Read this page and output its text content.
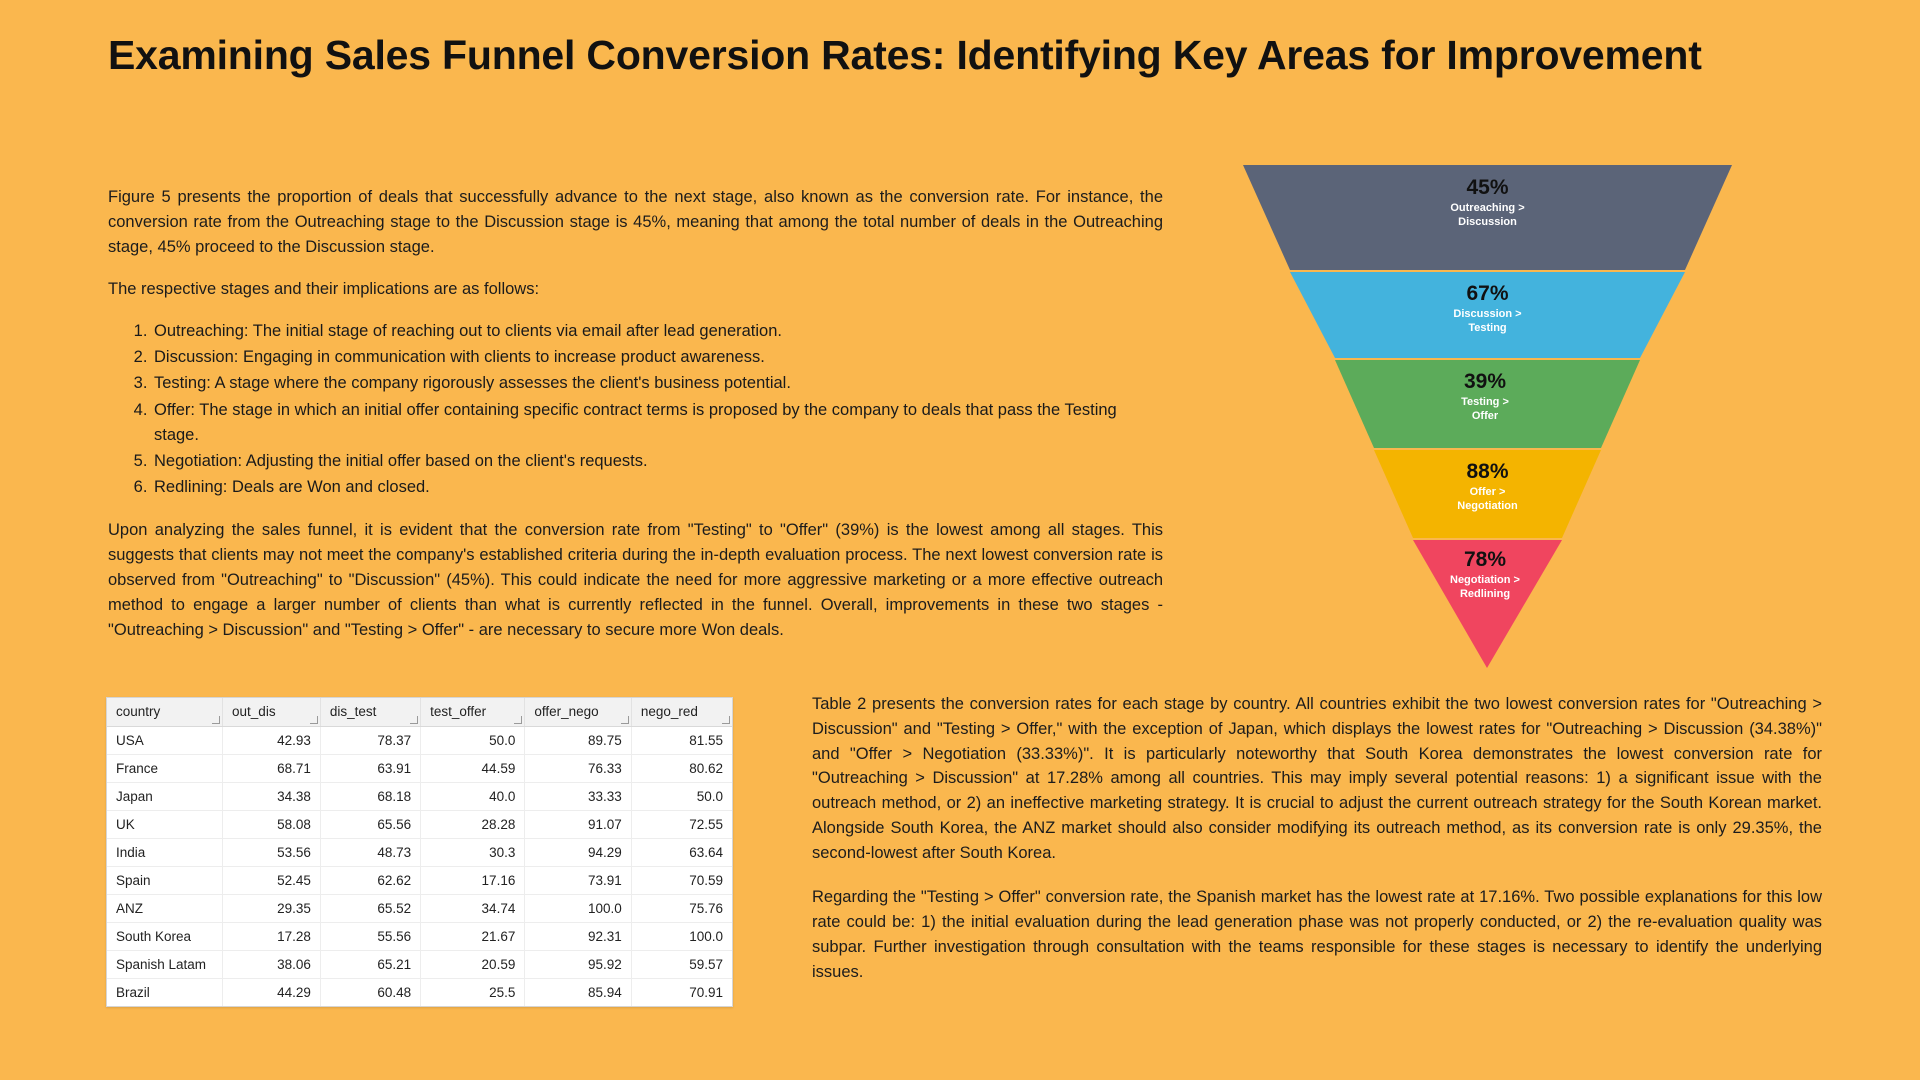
Examining Sales Funnel Conversion Rates: Identifying Key Areas for Improvement

Figure 5 presents the proportion of deals that successfully advance to the next stage, also known as the conversion rate. For instance, the conversion rate from the Outreaching stage to the Discussion stage is 45%, meaning that among the total number of deals in the Outreaching stage, 45% proceed to the Discussion stage.

The respective stages and their implications are as follows:

1. Outreaching: The initial stage of reaching out to clients via email after lead generation.
2. Discussion: Engaging in communication with clients to increase product awareness.
3. Testing: A stage where the company rigorously assesses the client's business potential.
4. Offer: The stage in which an initial offer containing specific contract terms is proposed by the company to deals that pass the Testing stage.
5. Negotiation: Adjusting the initial offer based on the client's requests.
6. Redlining: Deals are Won and closed.

Upon analyzing the sales funnel, it is evident that the conversion rate from "Testing" to "Offer" (39%) is the lowest among all stages. This suggests that clients may not meet the company's established criteria during the in-depth evaluation process. The next lowest conversion rate is observed from "Outreaching" to "Discussion" (45%). This could indicate the need for more aggressive marketing or a more effective outreach method to engage a larger number of clients than what is currently reflected in the funnel. Overall, improvements in these two stages - "Outreaching > Discussion" and "Testing > Offer" - are necessary to secure more Won deals.

45%
Outreaching >
Discussion
67%
Discussion >
Testing
39%
Testing >
Offer
88%
Offer >
Negotiation
78%
Negotiation >
Redlining
country	out_dis	dis_test	test_offer	offer_nego	nego_red

USA	42.93	78.37	50.0	89.75	81.55
France	68.71	63.91	44.59	76.33	80.62
Japan	34.38	68.18	40.0	33.33	50.0
UK	58.08	65.56	28.28	91.07	72.55
India	53.56	48.73	30.3	94.29	63.64
Spain	52.45	62.62	17.16	73.91	70.59
ANZ	29.35	65.52	34.74	100.0	75.76
South Korea	17.28	55.56	21.67	92.31	100.0
Spanish Latam	38.06	65.21	20.59	95.92	59.57
Brazil	44.29	60.48	25.5	85.94	70.91

Table 2 presents the conversion rates for each stage by country. All countries exhibit the two lowest conversion rates for "Outreaching > Discussion" and "Testing > Offer," with the exception of Japan, which displays the lowest rates for "Outreaching > Discussion (34.38%)" and "Offer > Negotiation (33.33%)". It is particularly noteworthy that South Korea demonstrates the lowest conversion rate for "Outreaching > Discussion" at 17.28% among all countries. This may imply several potential reasons: 1) a significant issue with the outreach method, or 2) an ineffective marketing strategy. It is crucial to adjust the current outreach strategy for the South Korean market. Alongside South Korea, the ANZ market should also consider modifying its outreach method, as its conversion rate is only 29.35%, the second-lowest after South Korea.

Regarding the "Testing > Offer" conversion rate, the Spanish market has the lowest rate at 17.16%. Two possible explanations for this low rate could be: 1) the initial evaluation during the lead generation phase was not properly conducted, or 2) the re-evaluation quality was subpar. Further investigation through consultation with the teams responsible for these stages is necessary to identify the underlying issues.
